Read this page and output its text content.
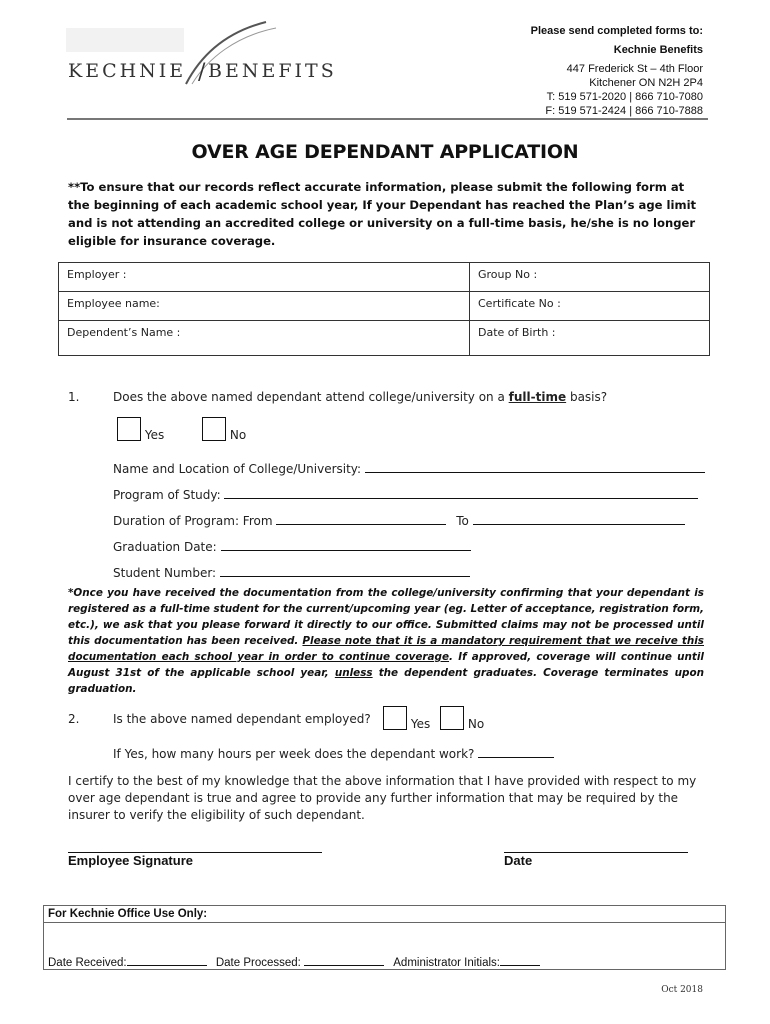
KECHNIE / BENEFITS
Please send completed forms to:
Kechnie Benefits
447 Frederick St – 4th Floor
Kitchener ON N2H 2P4
T: 519 571-2020 | 866 710-7080
F: 519 571-2424 | 866 710-7888
OVER AGE DEPENDANT APPLICATION
**To ensure that our records reflect accurate information, please submit the following form at the beginning of each academic school year, If your Dependant has reached the Plan’s age limit and is not attending an accredited college or university on a full-time basis, he/she is no longer eligible for insurance coverage.
Employer :	Group No :
Employee name:	Certificate No :
Dependent’s Name :	Date of Birth :
1.	Does the above named dependant attend college/university on a full-time basis?
Yes	No
Name and Location of College/University:
Program of Study:
Duration of Program: From	To
Graduation Date:
Student Number:
*Once you have received the documentation from the college/university confirming that your dependant is registered as a full-time student for the current/upcoming year (eg. Letter of acceptance, registration form, etc.), we ask that you please forward it directly to our office. Submitted claims may not be processed until this documentation has been received. Please note that it is a mandatory requirement that we receive this documentation each school year in order to continue coverage. If approved, coverage will continue until August 31st of the applicable school year, unless the dependent graduates. Coverage terminates upon graduation.
2.	Is the above named dependant employed?	Yes	No
If Yes, how many hours per week does the dependant work?
I certify to the best of my knowledge that the above information that I have provided with respect to my over age dependant is true and agree to provide any further information that may be required by the insurer to verify the eligibility of such dependant.
Employee Signature	Date
For Kechnie Office Use Only:
Date Received:	Date Processed:	Administrator Initials:
Oct 2018
